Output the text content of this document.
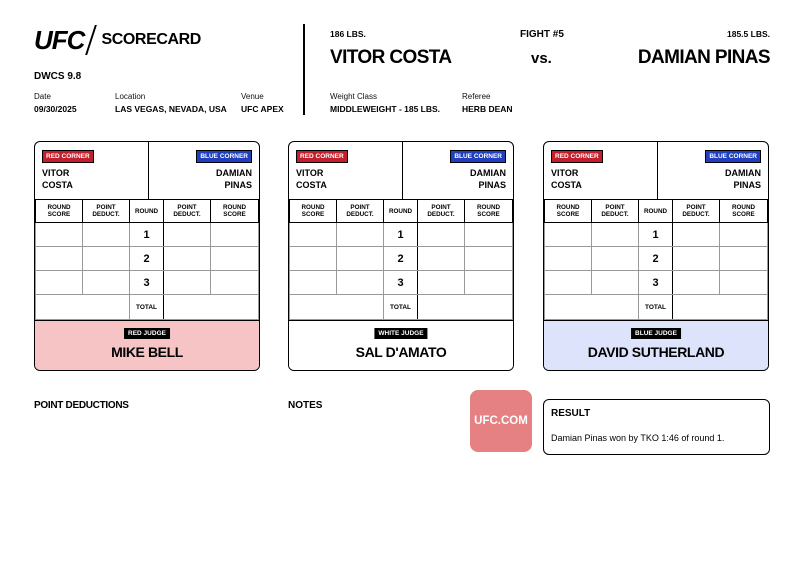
UFC SCORECARD
DWCS 9.8
Date
09/30/2025
Location
LAS VEGAS, NEVADA, USA
Venue
UFC APEX
186 LBS.	FIGHT #5	185.5 LBS.
VITOR COSTA	vs.	DAMIAN PINAS
Weight Class
MIDDLEWEIGHT - 185 LBS.
Referee
HERB DEAN
RED CORNER
VITOR
COSTA
BLUE CORNER
DAMIAN
PINAS
ROUND SCORE	POINT DEDUCT.	ROUND	POINT DEDUCT.	ROUND SCORE
		1		
		2		
		3		
		TOTAL		
RED JUDGE
MIKE BELL
RED CORNER
VITOR
COSTA
BLUE CORNER
DAMIAN
PINAS
ROUND SCORE	POINT DEDUCT.	ROUND	POINT DEDUCT.	ROUND SCORE
		1		
		2		
		3		
		TOTAL		
WHITE JUDGE
SAL D'AMATO
RED CORNER
VITOR
COSTA
BLUE CORNER
DAMIAN
PINAS
ROUND SCORE	POINT DEDUCT.	ROUND	POINT DEDUCT.	ROUND SCORE
		1		
		2		
		3		
		TOTAL		
BLUE JUDGE
DAVID SUTHERLAND
POINT DEDUCTIONS	NOTES
UFC.COM
RESULT
Damian Pinas won by TKO 1:46 of round 1.
